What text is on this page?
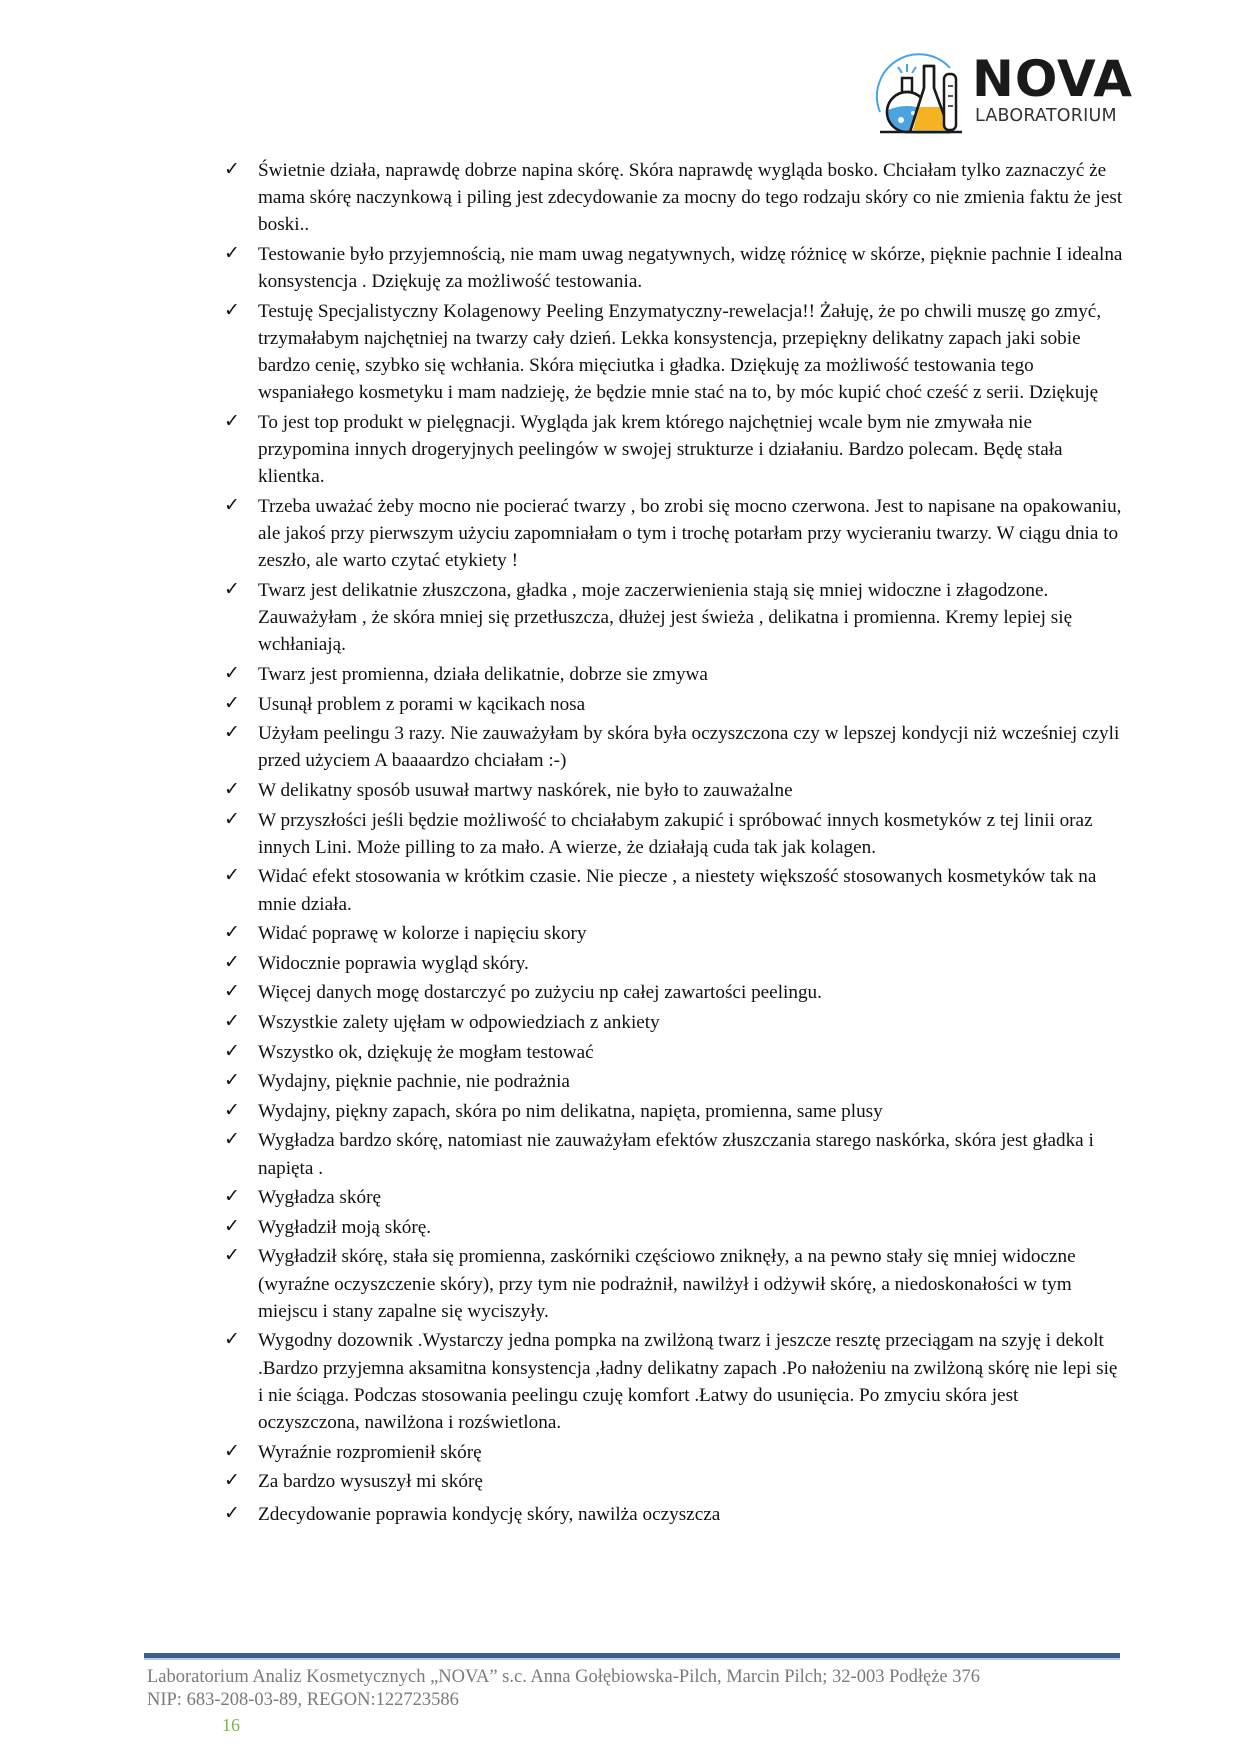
NOVA
LABORATORIUM
✓ Świetnie działa, naprawdę dobrze napina skórę. Skóra naprawdę wygląda bosko. Chciałam tylko zaznaczyć że mama skórę naczynkową i piling jest zdecydowanie za mocny do tego rodzaju skóry co nie zmienia faktu że jest boski..
✓ Testowanie było przyjemnością, nie mam uwag negatywnych, widzę różnicę w skórze, pięknie pachnie I idealna konsystencja . Dziękuję za możliwość testowania.
✓ Testuję Specjalistyczny Kolagenowy Peeling Enzymatyczny-rewelacja!! Żałuję, że po chwili muszę go zmyć, trzymałabym najchętniej na twarzy cały dzień. Lekka konsystencja, przepiękny delikatny zapach jaki sobie bardzo cenię, szybko się wchłania. Skóra mięciutka i gładka. Dziękuję za możliwość testowania tego wspaniałego kosmetyku i mam nadzieję, że będzie mnie stać na to, by móc kupić choć cześć z serii. Dziękuję
✓ To jest top produkt w pielęgnacji. Wygląda jak krem którego najchętniej wcale bym nie zmywała nie przypomina innych drogeryjnych peelingów w swojej strukturze i działaniu. Bardzo polecam. Będę stała klientka.
✓ Trzeba uważać żeby mocno nie pocierać twarzy , bo zrobi się mocno czerwona. Jest to napisane na opakowaniu, ale jakoś przy pierwszym użyciu zapomniałam o tym i trochę potarłam przy wycieraniu twarzy. W ciągu dnia to zeszło, ale warto czytać etykiety !
✓ Twarz jest delikatnie złuszczona, gładka , moje zaczerwienienia stają się mniej widoczne i złagodzone. Zauważyłam , że skóra mniej się przetłuszcza, dłużej jest świeża , delikatna i promienna. Kremy lepiej się wchłaniają.
✓ Twarz jest promienna, działa delikatnie, dobrze sie zmywa
✓ Usunął problem z porami w kącikach nosa
✓ Użyłam peelingu 3 razy. Nie zauważyłam by skóra była oczyszczona czy w lepszej kondycji niż wcześniej czyli przed użyciem A baaaardzo chciałam :-)
✓ W delikatny sposób usuwał martwy naskórek, nie było to zauważalne
✓ W przyszłości jeśli będzie możliwość to chciałabym zakupić i spróbować innych kosmetyków z tej linii oraz innych Lini. Może pilling to za mało. A wierze, że działają cuda tak jak kolagen.
✓ Widać efekt stosowania w krótkim czasie. Nie piecze , a niestety większość stosowanych kosmetyków tak na mnie działa.
✓ Widać poprawę w kolorze i napięciu skory
✓ Widocznie poprawia wygląd skóry.
✓ Więcej danych mogę dostarczyć po zużyciu np całej zawartości peelingu.
✓ Wszystkie zalety ujęłam w odpowiedziach z ankiety
✓ Wszystko ok, dziękuję że mogłam testować
✓ Wydajny, pięknie pachnie, nie podrażnia
✓ Wydajny, piękny zapach, skóra po nim delikatna, napięta, promienna, same plusy
✓ Wygładza bardzo skórę, natomiast nie zauważyłam efektów złuszczania starego naskórka, skóra jest gładka i napięta .
✓ Wygładza skórę
✓ Wygładził moją skórę.
✓ Wygładził skórę, stała się promienna, zaskórniki częściowo zniknęły, a na pewno stały się mniej widoczne (wyraźne oczyszczenie skóry), przy tym nie podrażnił, nawilżył i odżywił skórę, a niedoskonałości w tym miejscu i stany zapalne się wyciszyły.
✓ Wygodny dozownik .Wystarczy jedna pompka na zwilżoną twarz i jeszcze resztę przeciągam na szyję i dekolt .Bardzo przyjemna aksamitna konsystencja ,ładny delikatny zapach .Po nałożeniu na zwilżoną skórę nie lepi się i nie ściąga. Podczas stosowania peelingu czuję komfort .Łatwy do usunięcia. Po zmyciu skóra jest oczyszczona, nawilżona i rozświetlona.
✓ Wyraźnie rozpromienił skórę
✓ Za bardzo wysuszył mi skórę
✓ Zdecydowanie poprawia kondycję skóry, nawilża oczyszcza
Laboratorium Analiz Kosmetycznych „NOVA” s.c. Anna Gołębiowska-Pilch, Marcin Pilch; 32-003 Podłęże 376
NIP: 683-208-03-89, REGON:122723586
16
